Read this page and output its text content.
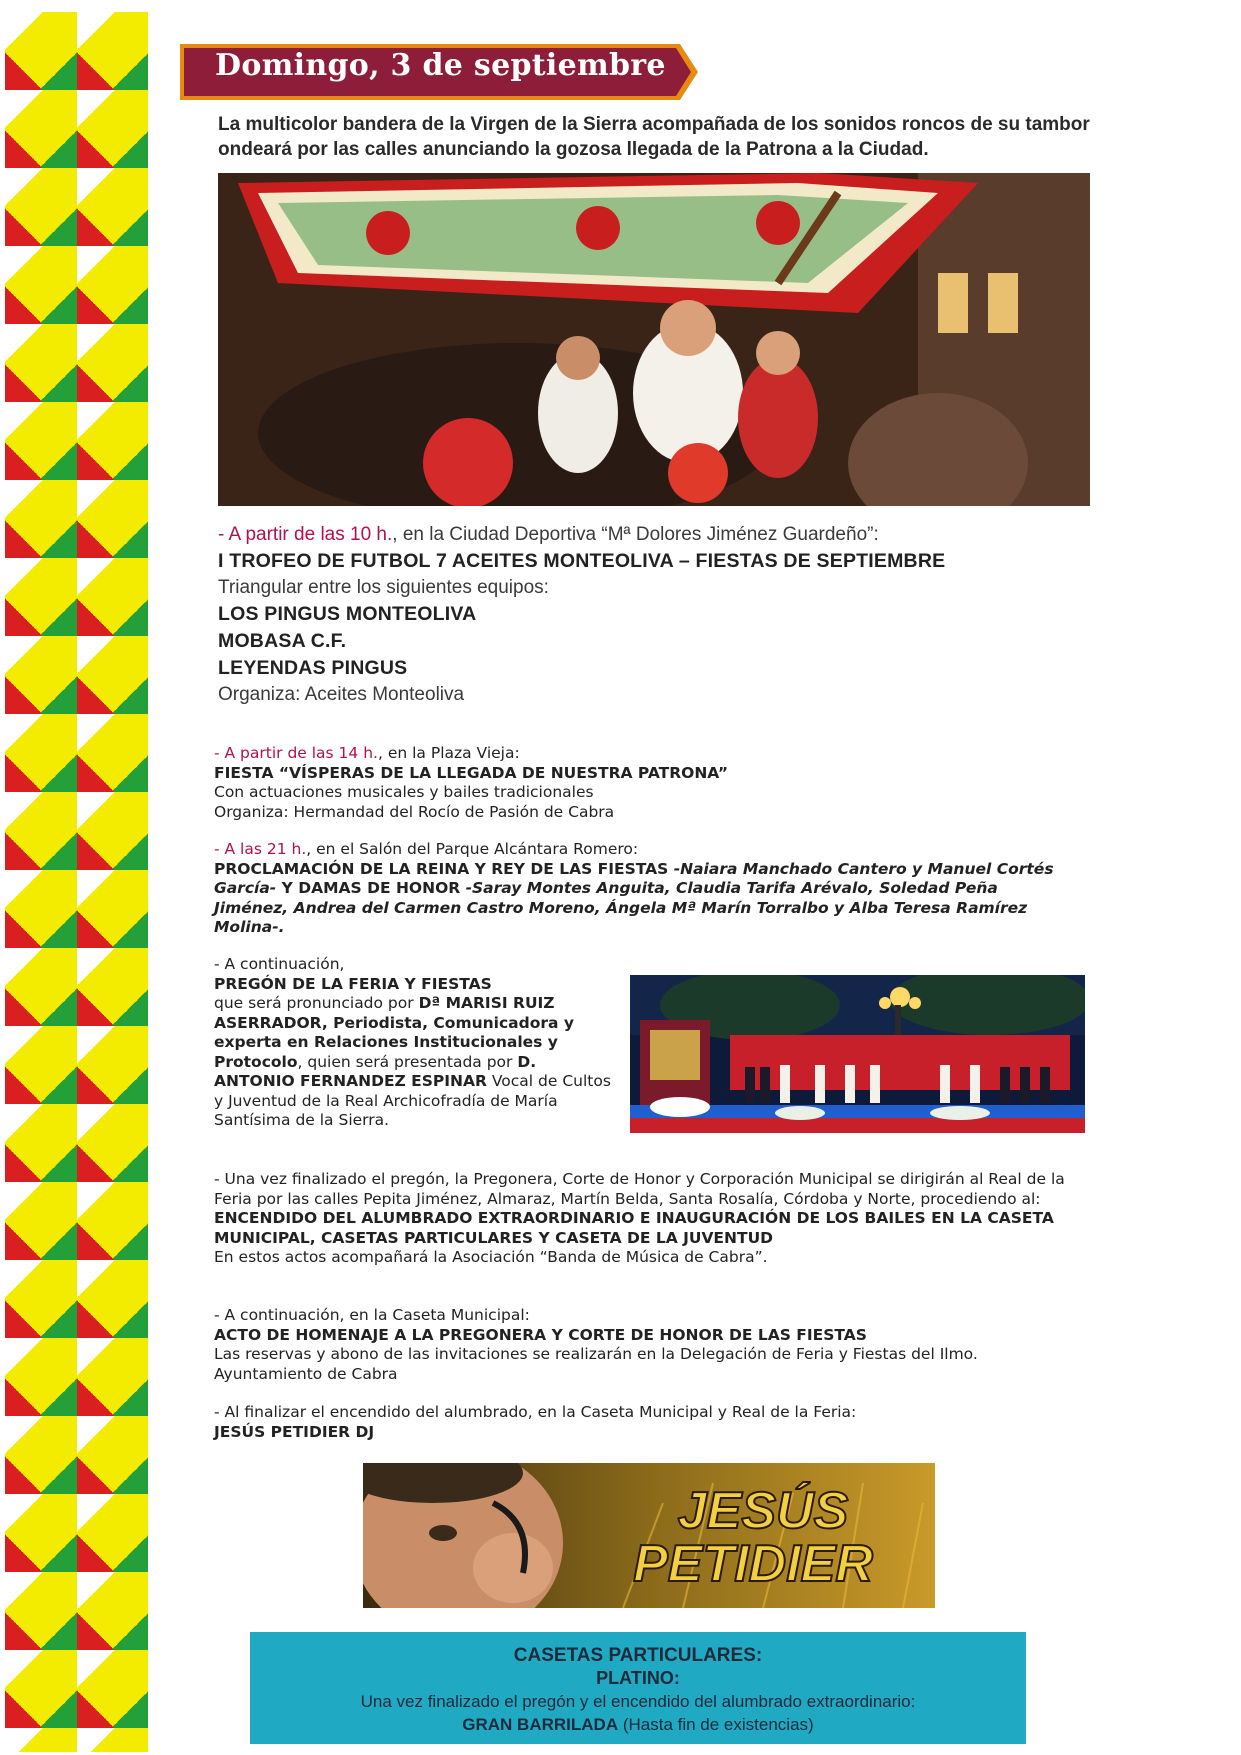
Domingo, 3 de septiembre
La multicolor bandera de la Virgen de la Sierra acompañada de los sonidos roncos de su tambor ondeará por las calles anunciando la gozosa llegada de la Patrona a la Ciudad.
- A partir de las 10 h., en la Ciudad Deportiva “Mª Dolores Jiménez Guardeño”:
I TROFEO DE FUTBOL 7 ACEITES MONTEOLIVA – FIESTAS DE SEPTIEMBRE
Triangular entre los siguientes equipos:
LOS PINGUS MONTEOLIVA
MOBASA C.F.
LEYENDAS PINGUS
Organiza: Aceites Monteoliva
- A partir de las 14 h., en la Plaza Vieja:
FIESTA “VÍSPERAS DE LA LLEGADA DE NUESTRA PATRONA”
Con actuaciones musicales y bailes tradicionales
Organiza: Hermandad del Rocío de Pasión de Cabra
- A las 21 h., en el Salón del Parque Alcántara Romero:
PROCLAMACIÓN DE LA REINA Y REY DE LAS FIESTAS -Naiara Manchado Cantero y Manuel Cortés García- Y DAMAS DE HONOR -Saray Montes Anguita, Claudia Tarifa Arévalo, Soledad Peña Jiménez, Andrea del Carmen Castro Moreno, Ángela Mª Marín Torralbo y Alba Teresa Ramírez Molina-.
- A continuación,
PREGÓN DE LA FERIA Y FIESTAS
que será pronunciado por Dª MARISI RUIZ ASERRADOR, Periodista, Comunicadora y experta en Relaciones Institucionales y Protocolo, quien será presentada por D. ANTONIO FERNANDEZ ESPINAR Vocal de Cultos y Juventud de la Real Archicofradía de María Santísima de la Sierra.
- Una vez finalizado el pregón, la Pregonera, Corte de Honor y Corporación Municipal se dirigirán al Real de la Feria por las calles Pepita Jiménez, Almaraz, Martín Belda, Santa Rosalía, Córdoba y Norte, procediendo al:
ENCENDIDO DEL ALUMBRADO EXTRAORDINARIO E INAUGURACIÓN DE LOS BAILES EN LA CASETA MUNICIPAL, CASETAS PARTICULARES Y CASETA DE LA JUVENTUD
En estos actos acompañará la Asociación “Banda de Música de Cabra”.
- A continuación, en la Caseta Municipal:
ACTO DE HOMENAJE A LA PREGONERA Y CORTE DE HONOR DE LAS FIESTAS
Las reservas y abono de las invitaciones se realizarán en la Delegación de Feria y Fiestas del Ilmo. Ayuntamiento de Cabra
- Al finalizar el encendido del alumbrado, en la Caseta Municipal y Real de la Feria:
JESÚS PETIDIER DJ
JESÚS
PETIDIER
CASETAS PARTICULARES:
PLATINO:
Una vez finalizado el pregón y el encendido del alumbrado extraordinario:
GRAN BARRILADA (Hasta fin de existencias)
